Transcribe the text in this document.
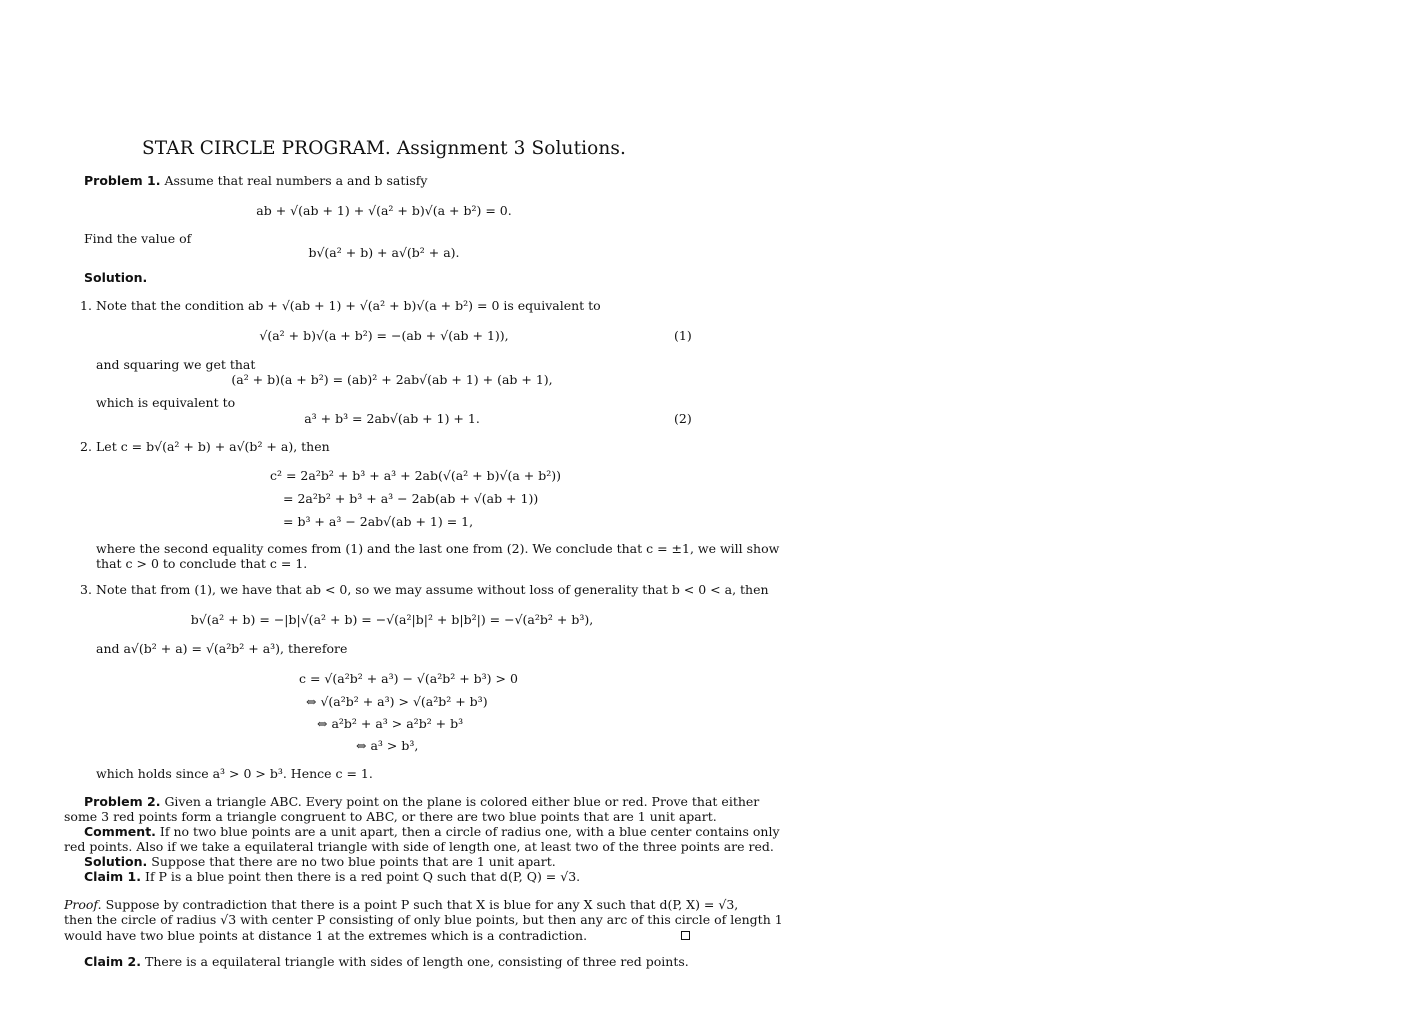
STAR CIRCLE PROGRAM. Assignment 3 Solutions.
Problem 1. Assume that real numbers a and b satisfy
ab + √(ab + 1) + √(a² + b)√(a + b²) = 0.
Find the value of
b√(a² + b) + a√(b² + a).
Solution.
1. Note that the condition ab + √(ab + 1) + √(a² + b)√(a + b²) = 0 is equivalent to
√(a² + b)√(a + b²) = −(ab + √(ab + 1)),	(1)
and squaring we get that
(a² + b)(a + b²) = (ab)² + 2ab√(ab + 1) + (ab + 1),
which is equivalent to
a³ + b³ = 2ab√(ab + 1) + 1.	(2)
2. Let c = b√(a² + b) + a√(b² + a), then
c² = 2a²b² + b³ + a³ + 2ab(√(a² + b)√(a + b²))
= 2a²b² + b³ + a³ − 2ab(ab + √(ab + 1))
= b³ + a³ − 2ab√(ab + 1) = 1,
where the second equality comes from (1) and the last one from (2). We conclude that c = ±1, we will show
that c > 0 to conclude that c = 1.
3. Note that from (1), we have that ab < 0, so we may assume without loss of generality that b < 0 < a, then
b√(a² + b) = −|b|√(a² + b) = −√(a²|b|² + b|b²|) = −√(a²b² + b³),
and a√(b² + a) = √(a²b² + a³), therefore
c = √(a²b² + a³) − √(a²b² + b³) > 0
⇔ √(a²b² + a³) > √(a²b² + b³)
⇔ a²b² + a³ > a²b² + b³
⇔ a³ > b³,
which holds since a³ > 0 > b³. Hence c = 1.
Problem 2. Given a triangle ABC. Every point on the plane is colored either blue or red. Prove that either
some 3 red points form a triangle congruent to ABC, or there are two blue points that are 1 unit apart.
Comment. If no two blue points are a unit apart, then a circle of radius one, with a blue center contains only
red points. Also if we take a equilateral triangle with side of length one, at least two of the three points are red.
Solution. Suppose that there are no two blue points that are 1 unit apart.
Claim 1. If P is a blue point then there is a red point Q such that d(P, Q) = √3.
Proof. Suppose by contradiction that there is a point P such that X is blue for any X such that d(P, X) = √3,
then the circle of radius √3 with center P consisting of only blue points, but then any arc of this circle of length 1
would have two blue points at distance 1 at the extremes which is a contradiction.
Claim 2. There is a equilateral triangle with sides of length one, consisting of three red points.
